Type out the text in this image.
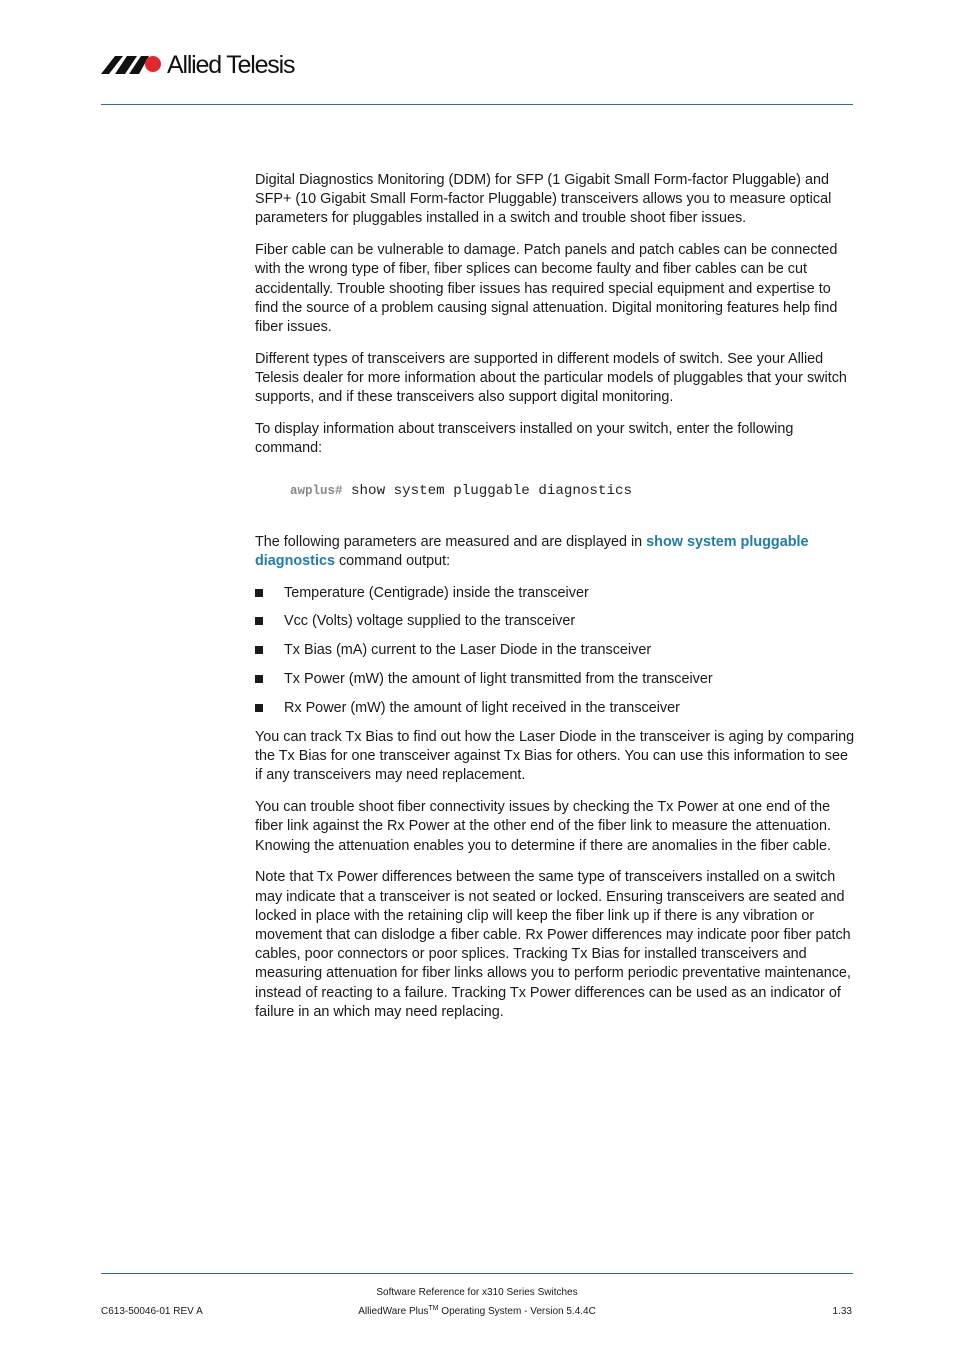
Allied Telesis

Digital Diagnostics Monitoring (DDM) for SFP (1 Gigabit Small Form-factor Pluggable) and SFP+ (10 Gigabit Small Form-factor Pluggable) transceivers allows you to measure optical parameters for pluggables installed in a switch and trouble shoot fiber issues.

Fiber cable can be vulnerable to damage. Patch panels and patch cables can be connected with the wrong type of fiber, fiber splices can become faulty and fiber cables can be cut accidentally. Trouble shooting fiber issues has required special equipment and expertise to find the source of a problem causing signal attenuation. Digital monitoring features help find fiber issues.

Different types of transceivers are supported in different models of switch. See your Allied Telesis dealer for more information about the particular models of pluggables that your switch supports, and if these transceivers also support digital monitoring.

To display information about transceivers installed on your switch, enter the following command:

awplus# show system pluggable diagnostics

The following parameters are measured and are displayed in show system pluggable diagnostics command output:

Temperature (Centigrade) inside the transceiver
Vcc (Volts) voltage supplied to the transceiver
Tx Bias (mA) current to the Laser Diode in the transceiver
Tx Power (mW) the amount of light transmitted from the transceiver
Rx Power (mW) the amount of light received in the transceiver

You can track Tx Bias to find out how the Laser Diode in the transceiver is aging by comparing the Tx Bias for one transceiver against Tx Bias for others. You can use this information to see if any transceivers may need replacement.

You can trouble shoot fiber connectivity issues by checking the Tx Power at one end of the fiber link against the Rx Power at the other end of the fiber link to measure the attenuation. Knowing the attenuation enables you to determine if there are anomalies in the fiber cable.

Note that Tx Power differences between the same type of transceivers installed on a switch may indicate that a transceiver is not seated or locked. Ensuring transceivers are seated and locked in place with the retaining clip will keep the fiber link up if there is any vibration or movement that can dislodge a fiber cable. Rx Power differences may indicate poor fiber patch cables, poor connectors or poor splices. Tracking Tx Bias for installed transceivers and measuring attenuation for fiber links allows you to perform periodic preventative maintenance, instead of reacting to a failure. Tracking Tx Power differences can be used as an indicator of failure in an which may need replacing.

C613-50046-01 REV A
Software Reference for x310 Series Switches
AlliedWare Plus™ Operating System - Version 5.4.4C	1.33
